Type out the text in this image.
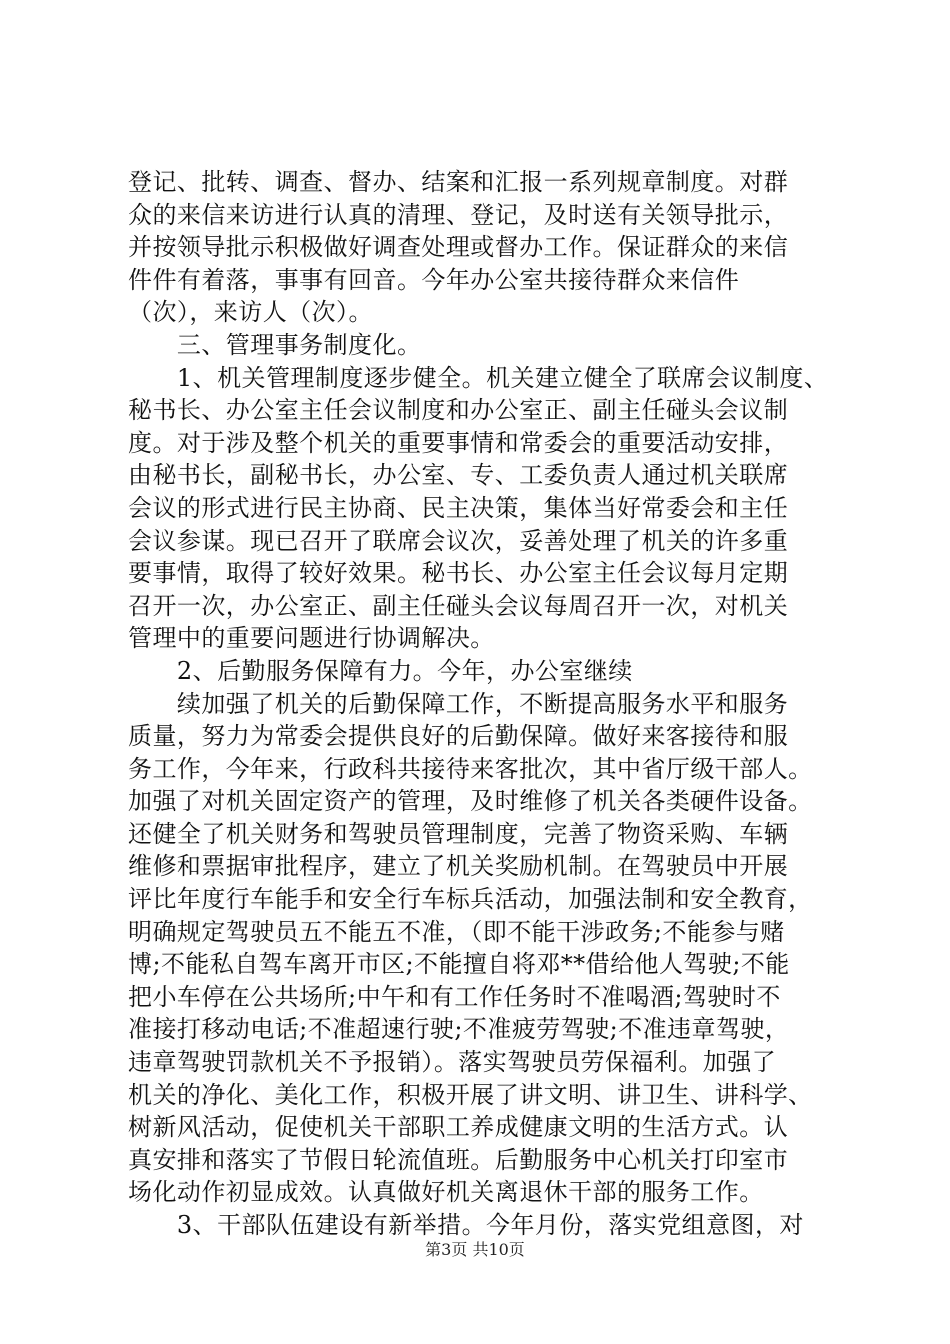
登记、批转、调查、督办、结案和汇报一系列规章制度。对群
众的来信来访进行认真的清理、登记，及时送有关领导批示，
并按领导批示积极做好调查处理或督办工作。保证群众的来信
件件有着落，事事有回音。今年办公室共接待群众来信件
（次），来访人（次）。
　　三、管理事务制度化。
　　1、机关管理制度逐步健全。机关建立健全了联席会议制度、
秘书长、办公室主任会议制度和办公室正、副主任碰头会议制
度。对于涉及整个机关的重要事情和常委会的重要活动安排，
由秘书长，副秘书长，办公室、专、工委负责人通过机关联席
会议的形式进行民主协商、民主决策，集体当好常委会和主任
会议参谋。现已召开了联席会议次，妥善处理了机关的许多重
要事情，取得了较好效果。秘书长、办公室主任会议每月定期
召开一次，办公室正、副主任碰头会议每周召开一次，对机关
管理中的重要问题进行协调解决。
　　2、后勤服务保障有力。今年，办公室继续
　　续加强了机关的后勤保障工作，不断提高服务水平和服务
质量，努力为常委会提供良好的后勤保障。做好来客接待和服
务工作，今年来，行政科共接待来客批次，其中省厅级干部人。
加强了对机关固定资产的管理，及时维修了机关各类硬件设备。
还健全了机关财务和驾驶员管理制度，完善了物资采购、车辆
维修和票据审批程序，建立了机关奖励机制。在驾驶员中开展
评比年度行车能手和安全行车标兵活动，加强法制和安全教育，
明确规定驾驶员五不能五不准，（即不能干涉政务;不能参与赌
博;不能私自驾车离开市区;不能擅自将邓**借给他人驾驶;不能
把小车停在公共场所;中午和有工作任务时不准喝酒;驾驶时不
准接打移动电话;不准超速行驶;不准疲劳驾驶;不准违章驾驶，
违章驾驶罚款机关不予报销）。落实驾驶员劳保福利。加强了
机关的净化、美化工作，积极开展了讲文明、讲卫生、讲科学、
树新风活动，促使机关干部职工养成健康文明的生活方式。认
真安排和落实了节假日轮流值班。后勤服务中心机关打印室市
场化动作初显成效。认真做好机关离退休干部的服务工作。
　　3、干部队伍建设有新举措。今年月份，落实党组意图，对
第3页 共10页
